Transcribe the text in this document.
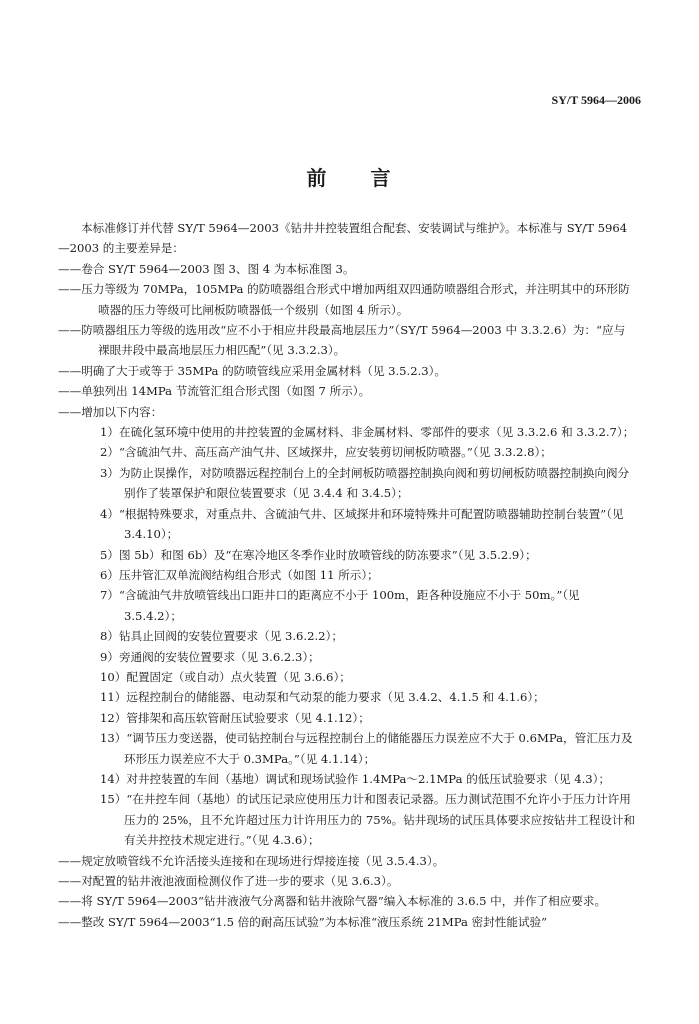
SY/T 5964—2006
前 言

本标准修订并代替 SY/T 5964—2003《钻井井控装置组合配套、安装调试与维护》。本标准与 SY/T 5964—2003 的主要差异是：

——卷合 SY/T 5964—2003 图 3、图 4 为本标准图 3。

——压力等级为 70MPa，105MPa 的防喷器组合形式中增加两组双四通防喷器组合形式，并注明其中的环形防喷器的压力等级可比闸板防喷器低一个级别（如图 4 所示）。

——防喷器组压力等级的选用改“应不小于相应井段最高地层压力”（SY/T 5964—2003 中 3.3.2.6）为：“应与裸眼井段中最高地层压力相匹配”（见 3.3.2.3）。

——明确了大于或等于 35MPa 的防喷管线应采用金属材料（见 3.5.2.3）。

——单独列出 14MPa 节流管汇组合形式图（如图 7 所示）。

——增加以下内容：

1）在硫化氢环境中使用的井控装置的金属材料、非金属材料、零部件的要求（见 3.3.2.6 和 3.3.2.7）；

2）“含硫油气井、高压高产油气井、区域探井，应安装剪切闸板防喷器。”（见 3.3.2.8）；

3）为防止误操作，对防喷器远程控制台上的全封闸板防喷器控制换向阀和剪切闸板防喷器控制换向阀分别作了装罩保护和限位装置要求（见 3.4.4 和 3.4.5）；

4）“根据特殊要求，对重点井、含硫油气井、区域探井和环境特殊井可配置防喷器辅助控制台装置”（见 3.4.10）；

5）图 5b）和图 6b）及“在寒冷地区冬季作业时放喷管线的防冻要求”（见 3.5.2.9）；

6）压井管汇双单流阀结构组合形式（如图 11 所示）；

7）“含硫油气井放喷管线出口距井口的距离应不小于 100m，距各种设施应不小于 50m。”（见 3.5.4.2）；

8）钻具止回阀的安装位置要求（见 3.6.2.2）；

9）旁通阀的安装位置要求（见 3.6.2.3）；

10）配置固定（或自动）点火装置（见 3.6.6）；

11）远程控制台的储能器、电动泵和气动泵的能力要求（见 3.4.2、4.1.5 和 4.1.6）；

12）管排架和高压软管耐压试验要求（见 4.1.12）；

13）“调节压力变送器，使司钻控制台与远程控制台上的储能器压力误差应不大于 0.6MPa，管汇压力及环形压力误差应不大于 0.3MPa。”（见 4.1.14）；

14）对井控装置的车间（基地）调试和现场试验作 1.4MPa～2.1MPa 的低压试验要求（见 4.3）；

15）“在井控车间（基地）的试压记录应使用压力计和图表记录器。压力测试范围不允许小于压力计许用压力的 25%，且不允许超过压力计许用压力的 75%。钻井现场的试压具体要求应按钻井工程设计和有关井控技术规定进行。”（见 4.3.6）；

——规定放喷管线不允许活接头连接和在现场进行焊接连接（见 3.5.4.3）。

——对配置的钻井液池液面检测仪作了进一步的要求（见 3.6.3）。

——将 SY/T 5964—2003“钻井液液气分离器和钻井液除气器”编入本标准的 3.6.5 中，并作了相应要求。

——整改 SY/T 5964—2003“1.5 倍的耐高压试验”为本标准“液压系统 21MPa 密封性能试验”
